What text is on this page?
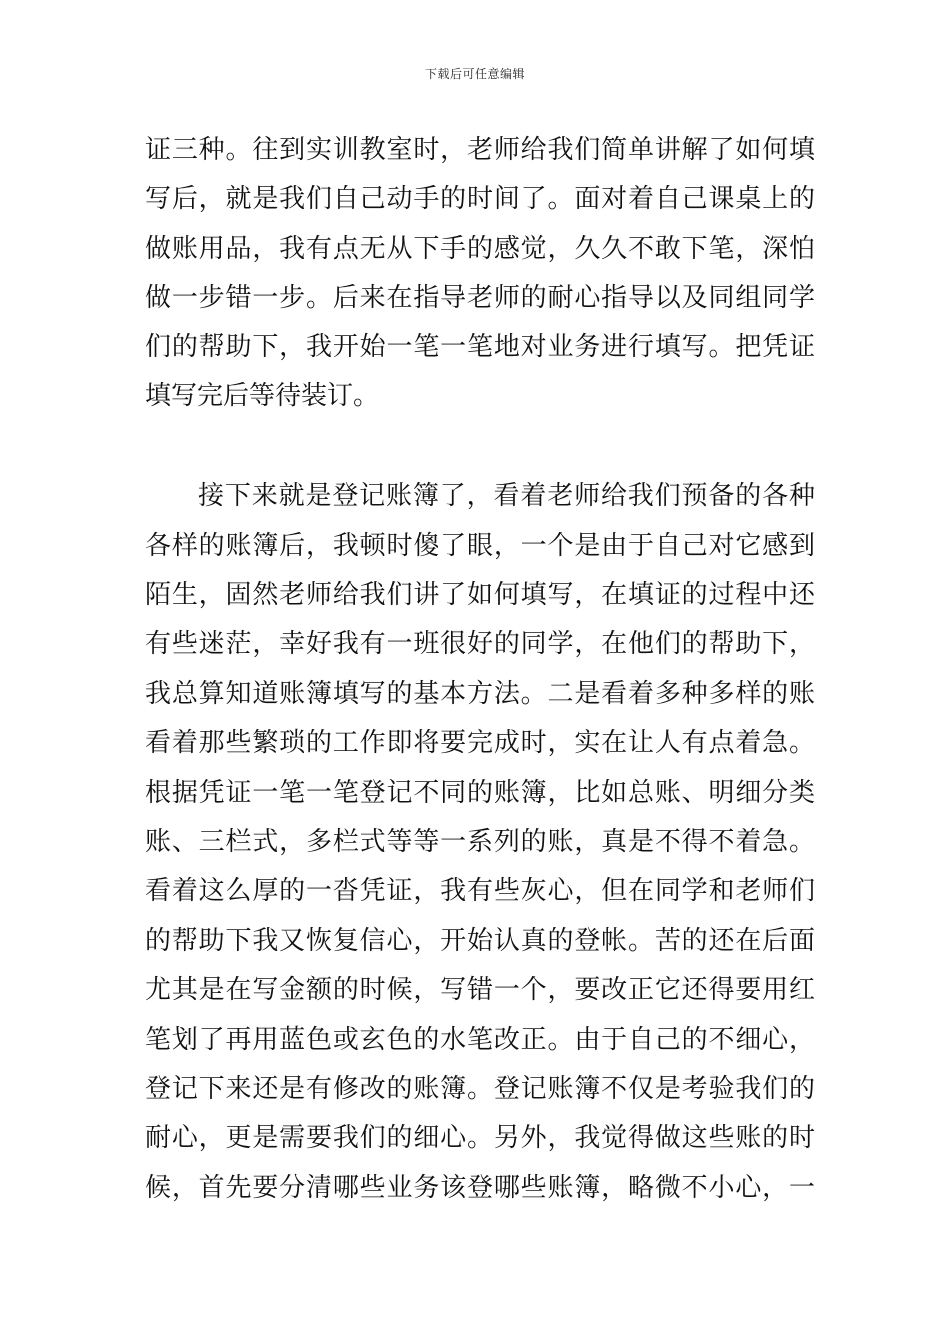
下载后可任意编辑
证三种。往到实训教室时，老师给我们简单讲解了如何填
写后，就是我们自己动手的时间了。面对着自己课桌上的
做账用品，我有点无从下手的感觉，久久不敢下笔，深怕
做一步错一步。后来在指导老师的耐心指导以及同组同学
们的帮助下，我开始一笔一笔地对业务进行填写。把凭证
填写完后等待装订。
接下来就是登记账簿了，看着老师给我们预备的各种
各样的账簿后，我顿时傻了眼，一个是由于自己对它感到
陌生，固然老师给我们讲了如何填写，在填证的过程中还
有些迷茫，幸好我有一班很好的同学，在他们的帮助下，
我总算知道账簿填写的基本方法。二是看着多种多样的账
看着那些繁琐的工作即将要完成时，实在让人有点着急。
根据凭证一笔一笔登记不同的账簿，比如总账、明细分类
账、三栏式，多栏式等等一系列的账，真是不得不着急。
看着这么厚的一沓凭证，我有些灰心，但在同学和老师们
的帮助下我又恢复信心，开始认真的登帐。苦的还在后面
尤其是在写金额的时候，写错一个，要改正它还得要用红
笔划了再用蓝色或玄色的水笔改正。由于自己的不细心，
登记下来还是有修改的账簿。登记账簿不仅是考验我们的
耐心，更是需要我们的细心。另外，我觉得做这些账的时
候，首先要分清哪些业务该登哪些账簿，略微不小心，一
